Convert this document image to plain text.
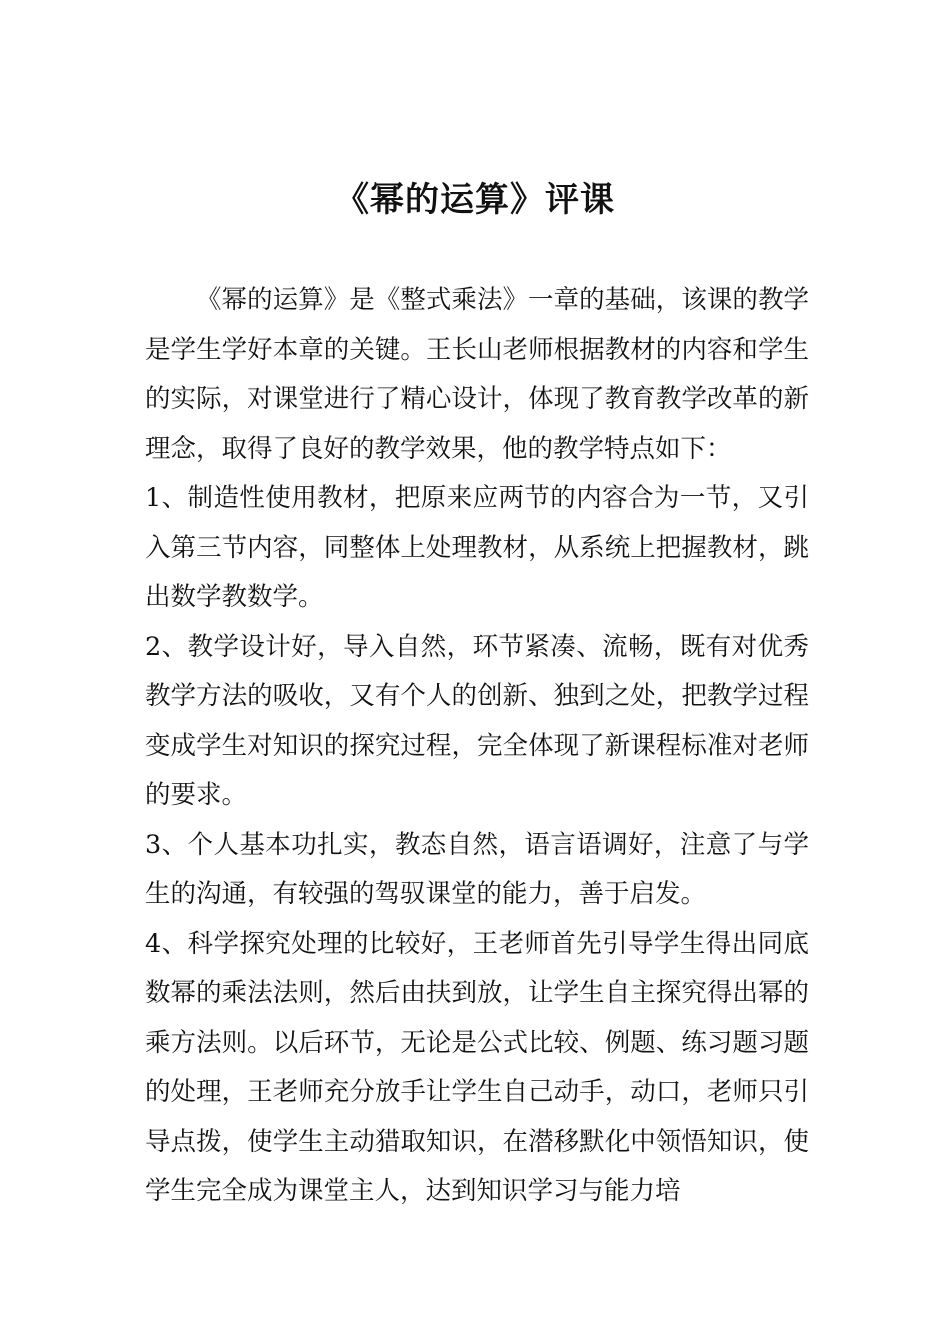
《幂的运算》评课

《幂的运算》是《整式乘法》一章的基础，该课的教学是学生学好本章的关键。王长山老师根据教材的内容和学生的实际，对课堂进行了精心设计，体现了教育教学改革的新理念，取得了良好的教学效果，他的教学特点如下：

1、制造性使用教材，把原来应两节的内容合为一节，又引入第三节内容，同整体上处理教材，从系统上把握教材，跳出数学教数学。

2、教学设计好，导入自然，环节紧凑、流畅，既有对优秀教学方法的吸收，又有个人的创新、独到之处，把教学过程变成学生对知识的探究过程，完全体现了新课程标准对老师的要求。

3、个人基本功扎实，教态自然，语言语调好，注意了与学生的沟通，有较强的驾驭课堂的能力，善于启发。

4、科学探究处理的比较好，王老师首先引导学生得出同底数幂的乘法法则，然后由扶到放，让学生自主探究得出幂的乘方法则。以后环节，无论是公式比较、例题、练习题习题的处理，王老师充分放手让学生自己动手，动口，老师只引导点拨，使学生主动猎取知识，在潜移默化中领悟知识，使学生完全成为课堂主人，达到知识学习与能力培
